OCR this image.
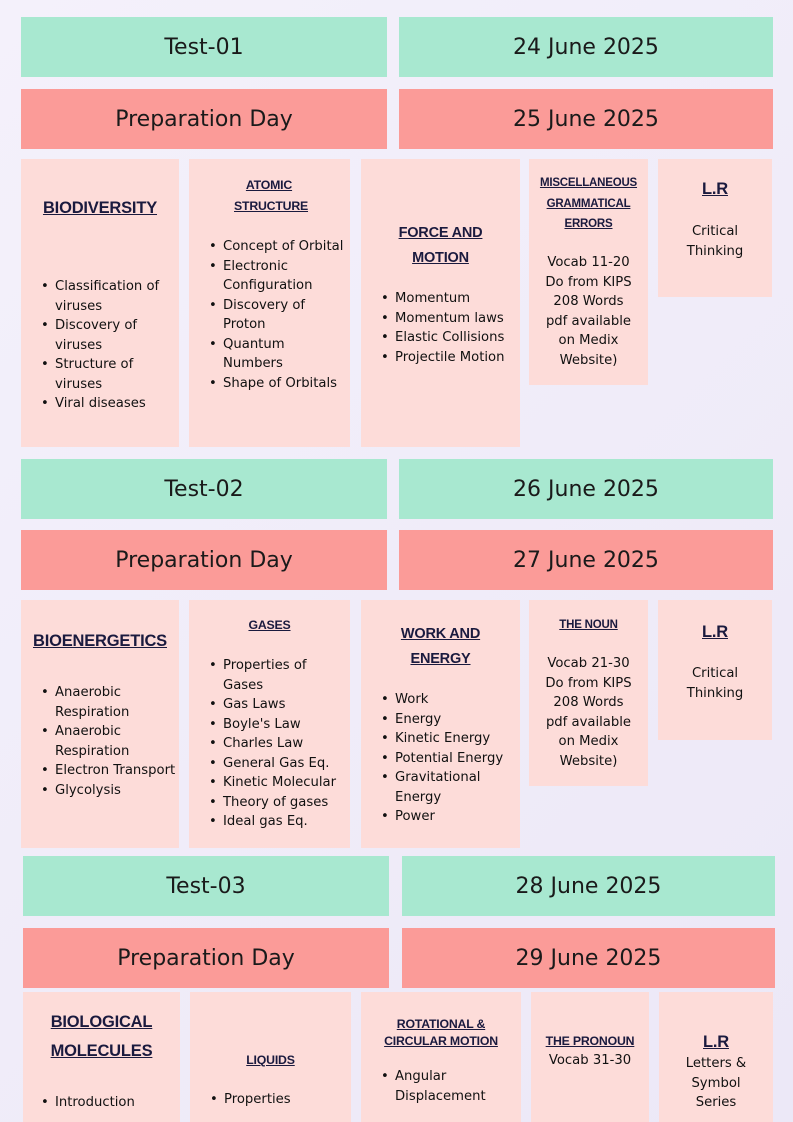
Test-01	24 June 2025
Preparation Day	25 June 2025
BIODIVERSITY
• Classification of viruses
• Discovery of viruses
• Structure of viruses
• Viral diseases
ATOMIC STRUCTURE
• Concept of Orbital
• Electronic Configuration
• Discovery of Proton
• Quantum Numbers
• Shape of Orbitals
FORCE AND MOTION
• Momentum
• Momentum laws
• Elastic Collisions
• Projectile Motion
MISCELLANEOUS GRAMMATICAL ERRORS
Vocab 11-20 Do from KIPS 208 Words pdf available on Medix Website)
L.R
Critical Thinking
Test-02	26 June 2025
Preparation Day	27 June 2025
BIOENERGETICS
• Anaerobic Respiration
• Anaerobic Respiration
• Electron Transport
• Glycolysis
GASES
• Properties of Gases
• Gas Laws
• Boyle's Law
• Charles Law
• General Gas Eq.
• Kinetic Molecular
• Theory of gases
• Ideal gas Eq.
WORK AND ENERGY
• Work
• Energy
• Kinetic Energy
• Potential Energy
• Gravitational Energy
• Power
THE NOUN
Vocab 21-30 Do from KIPS 208 Words pdf available on Medix Website)
L.R
Critical Thinking
Test-03	28 June 2025
Preparation Day	29 June 2025
BIOLOGICAL MOLECULES
• Introduction
LIQUIDS
• Properties
ROTATIONAL & CIRCULAR MOTION
• Angular Displacement
THE PRONOUN
Vocab 31-30
L.R
Letters & Symbol Series
